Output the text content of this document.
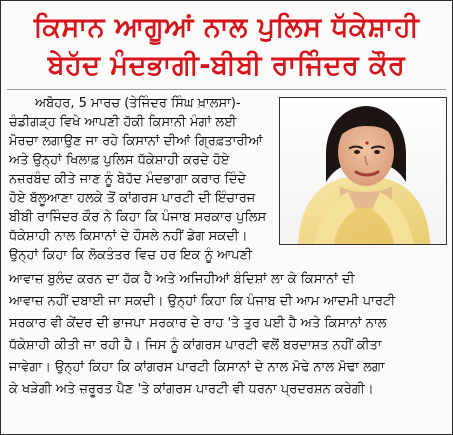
ਕਿਸਾਨ ਆਗੂਆਂ ਨਾਲ ਪੁਲਿਸ ਧੱਕੇਸ਼ਾਹੀ
ਬੇਹੱਦ ਮੰਦਭਾਗੀ-ਬੀਬੀ ਰਾਜਿੰਦਰ ਕੌਰ
ਅਬੋਹਰ, 5 ਮਾਰਚ (ਤੇਜਿੰਦਰ ਸਿੰਘ ਖ਼ਾਲਸਾ)-
ਚੰਡੀਗੜ੍ਹ ਵਿਖੇ ਆਪਣੀ ਹੱਕੀ ਕਿਸਾਨੀ ਮੰਗਾਂ ਲਈ
ਮੋਰਚਾ ਲਗਾਉਣ ਜਾ ਰਹੇ ਕਿਸਾਨਾਂ ਦੀਆਂ ਗ੍ਰਿਫ਼ਤਾਰੀਆਂ
ਅਤੇ ਉਨ੍ਹਾਂ ਖਿਲਾਫ਼ ਪੁਲਿਸ ਧੱਕੇਸ਼ਾਹੀ ਕਰਦੇ ਹੋਏ
ਨਜ਼ਰਬੰਦ ਕੀਤੇ ਜਾਣ ਨੂੰ ਬੇਹੱਦ ਮੰਦਭਾਗਾ ਕਰਾਰ ਦਿੰਦੇ
ਹੋਏ ਬੱਲੂਆਣਾ ਹਲਕੇ ਤੋਂ ਕਾਂਗਰਸ ਪਾਰਟੀ ਦੀ ਇੰਚਾਰਜ
ਬੀਬੀ ਰਾਜਿੰਦਰ ਕੌਰ ਨੇ ਕਿਹਾ ਕਿ ਪੰਜਾਬ ਸਰਕਾਰ ਪੁਲਿਸ
ਧੱਕੇਸ਼ਾਹੀ ਨਾਲ ਕਿਸਾਨਾਂ ਦੇ ਹੌਸਲੇ ਨਹੀਂ ਡੇਗ ਸਕਦੀ।
ਉਨ੍ਹਾਂ ਕਿਹਾ ਕਿ ਲੋਕਤੰਤਰ ਵਿਚ ਹਰ ਇਕ ਨੂੰ ਆਪਣੀ
ਆਵਾਜ਼ ਬੁਲੰਦ ਕਰਨ ਦਾ ਹੱਕ ਹੈ ਅਤੇ ਅਜਿਹੀਆਂ ਬੰਦਿਸ਼ਾਂ ਲਾ ਕੇ ਕਿਸਾਨਾਂ ਦੀ
ਆਵਾਜ਼ ਨਹੀਂ ਦਬਾਈ ਜਾ ਸਕਦੀ। ਉਨ੍ਹਾਂ ਕਿਹਾ ਕਿ ਪੰਜਾਬ ਦੀ ਆਮ ਆਦਮੀ ਪਾਰਟੀ
ਸਰਕਾਰ ਵੀ ਕੇਂਦਰ ਦੀ ਭਾਜਪਾ ਸਰਕਾਰ ਦੇ ਰਾਹ 'ਤੇ ਤੁਰ ਪਈ ਹੈ ਅਤੇ ਕਿਸਾਨਾਂ ਨਾਲ
ਧੱਕੇਸ਼ਾਹੀ ਕੀਤੀ ਜਾ ਰਹੀ ਹੈ। ਜਿਸ ਨੂੰ ਕਾਂਗਰਸ ਪਾਰਟੀ ਵਲੋਂ ਬਰਦਾਸ਼ਤ ਨਹੀਂ ਕੀਤਾ
ਜਾਵੇਗਾ। ਉਨ੍ਹਾਂ ਕਿਹਾ ਕਿ ਕਾਂਗਰਸ ਪਾਰਟੀ ਕਿਸਾਨਾਂ ਦੇ ਨਾਲ ਮੋਢੇ ਨਾਲ ਮੋਢਾ ਲਗਾ
ਕੇ ਖੜੇਗੀ ਅਤੇ ਜ਼ਰੂਰਤ ਪੈਣ 'ਤੇ ਕਾਂਗਰਸ ਪਾਰਟੀ ਵੀ ਧਰਨਾ ਪ੍ਰਦਰਸ਼ਨ ਕਰੇਗੀ।
